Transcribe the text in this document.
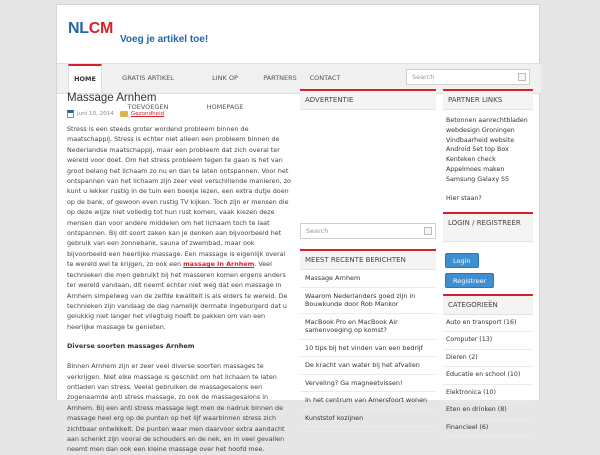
NLCM
Voeg je artikel toe!
HOME	GRATIS ARTIKEL TOEVOEGEN
LINK OP HOMEPAGE
PARTNERS	CONTACT	Search
Massage Arnhem
juni 10, 2014	Gezondheid
Stress is een steeds groter wordend probleem binnen de maatschappij. Stress is echter niet alleen een probleem binnen de Nederlandse maatschappij, maar een probleem dat zich overal ter wereld voor doet. Om het stress probleem tegen te gaan is het van groot belang het lichaam zo nu en dan te laten ontspannen. Voor het ontspannen van het lichaam zijn zeer veel verschillende manieren, zo kunt u lekker rustig in de tuin een boekje lezen, een extra dutje doen op de bank, of gewoon even rustig TV kijken. Toch zijn er mensen die op deze wijze niet volledig tot hun rust komen, vaak kiezen deze mensen dan voor andere middelen om het lichaam toch te laat ontspannen. Bij dit soort zaken kan je denken aan bijvoorbeeld het gebruik van een zonnebank, sauna of zwembad, maar ook bijvoorbeeld een heerlijke massage. Een massage is eigenlijk overal te wereld wel te krijgen, zo ook een massage in Arnhem. Veel technieken die men gebruikt bij het masseren komen ergens anders ter wereld vandaan, dit neemt echter niet weg dat een massage in Arnhem simpelweg van de zelfde kwaliteit is als elders te wereld. De technieken zijn vandaag de dag namelijk dermate ingeburgerd dat u gelukkig niet langer het vliegtuig hoeft te pakken om van een heerlijke massage te genieten.
Diverse soorten massages Arnhem
Binnen Arnhem zijn er zeer veel diverse soorten massages te verkrijgen. Niet elke massage is geschikt om het lichaam te laten ontladen van stress. Veelal gebruiken de massagesalons een zogenaamde anti stress massage, zo ook de massagesalons in Arnhem. Bij een anti stress massage legt men de nadruk binnen de massage heel erg op de punten op het lijf waarbinnen stress zich zichtbaar ontwikkelt. De punten waar men daarvoor extra aandacht aan schenkt zijn vooral de schouders en de nek, en in veel gevallen neemt men dan ook een kleine massage over het hoofd mee.
ADVERTENTIE
Search
MEEST RECENTE BERICHTEN
Massage Arnhem
Waarom Nederlanders goed zijn in Bouwkunde door Rob Mankor
MacBook Pro en MacBook Air samenvoeging op komst?
10 tips bij het vinden van een bedrijf
De kracht van water bij het afvallen
Verveling? Ga magneetvissen!
In het centrum van Amersfoort wonen
Kunststof kozijnen
PARTNER LINKS
Betonnen aanrechtbladen
webdesign Groningen
Vindbaarheid website
Android Set top Box
Kenteken check
Appelmoes maken
Samsung Galaxy S5
Hier staan?
LOGIN / REGISTREER
Login
Registreer
CATEGORIEËN
Auto en transport (16)
Computer (13)
Dieren (2)
Educatie en school (10)
Elektronica (10)
Eten en drinken (8)
Financieel (6)
